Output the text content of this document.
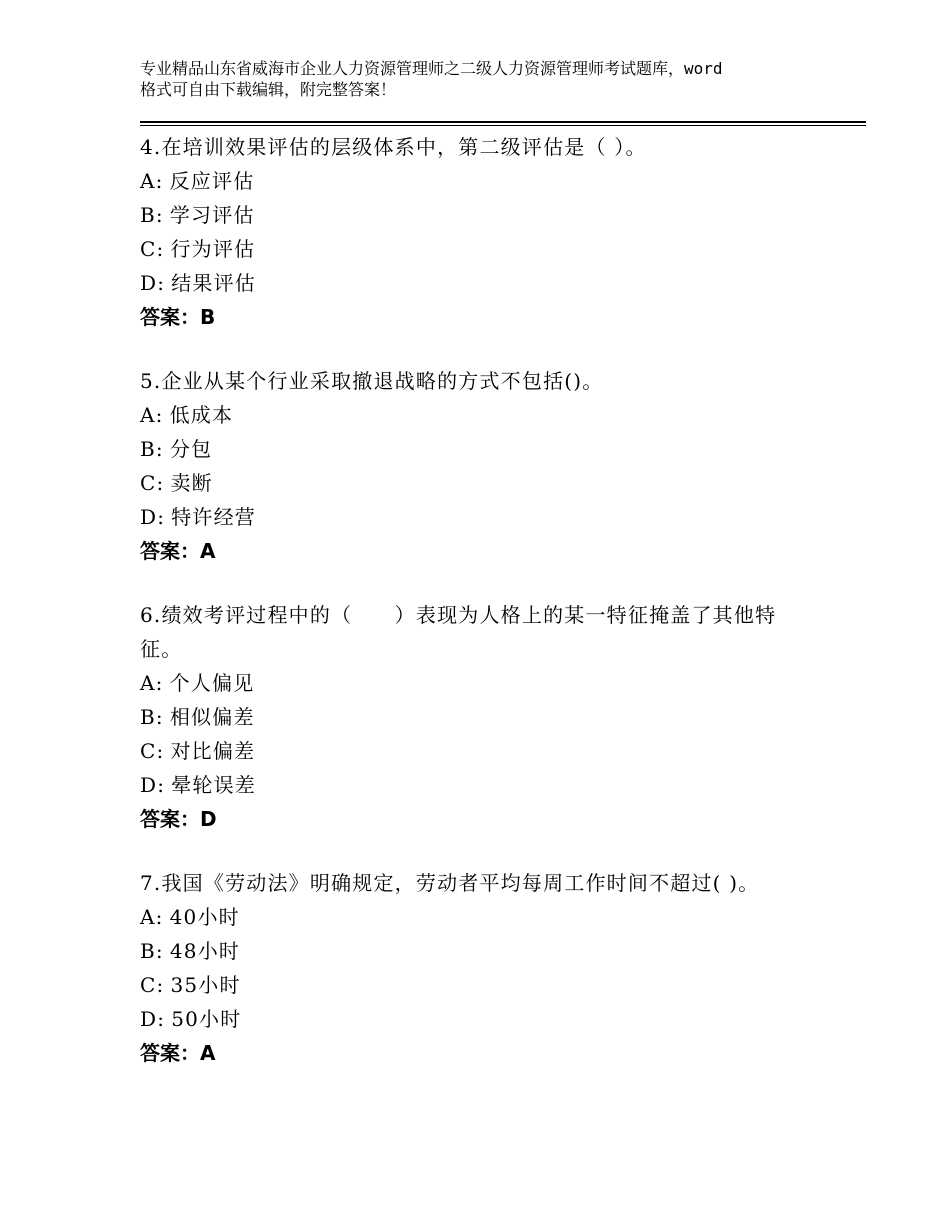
专业精品山东省威海市企业人力资源管理师之二级人力资源管理师考试题库，word
格式可自由下载编辑，附完整答案！
4.在培训效果评估的层级体系中，第二级评估是（ ）。
A: 反应评估
B: 学习评估
C: 行为评估
D: 结果评估
答案：B
5.企业从某个行业采取撤退战略的方式不包括()。
A: 低成本
B: 分包
C: 卖断
D: 特许经营
答案：A
6.绩效考评过程中的（　　）表现为人格上的某一特征掩盖了其他特
征。
A: 个人偏见
B: 相似偏差
C: 对比偏差
D: 晕轮误差
答案：D
7.我国《劳动法》明确规定，劳动者平均每周工作时间不超过( )。
A: 40小时
B: 48小时
C: 35小时
D: 50小时
答案：A
